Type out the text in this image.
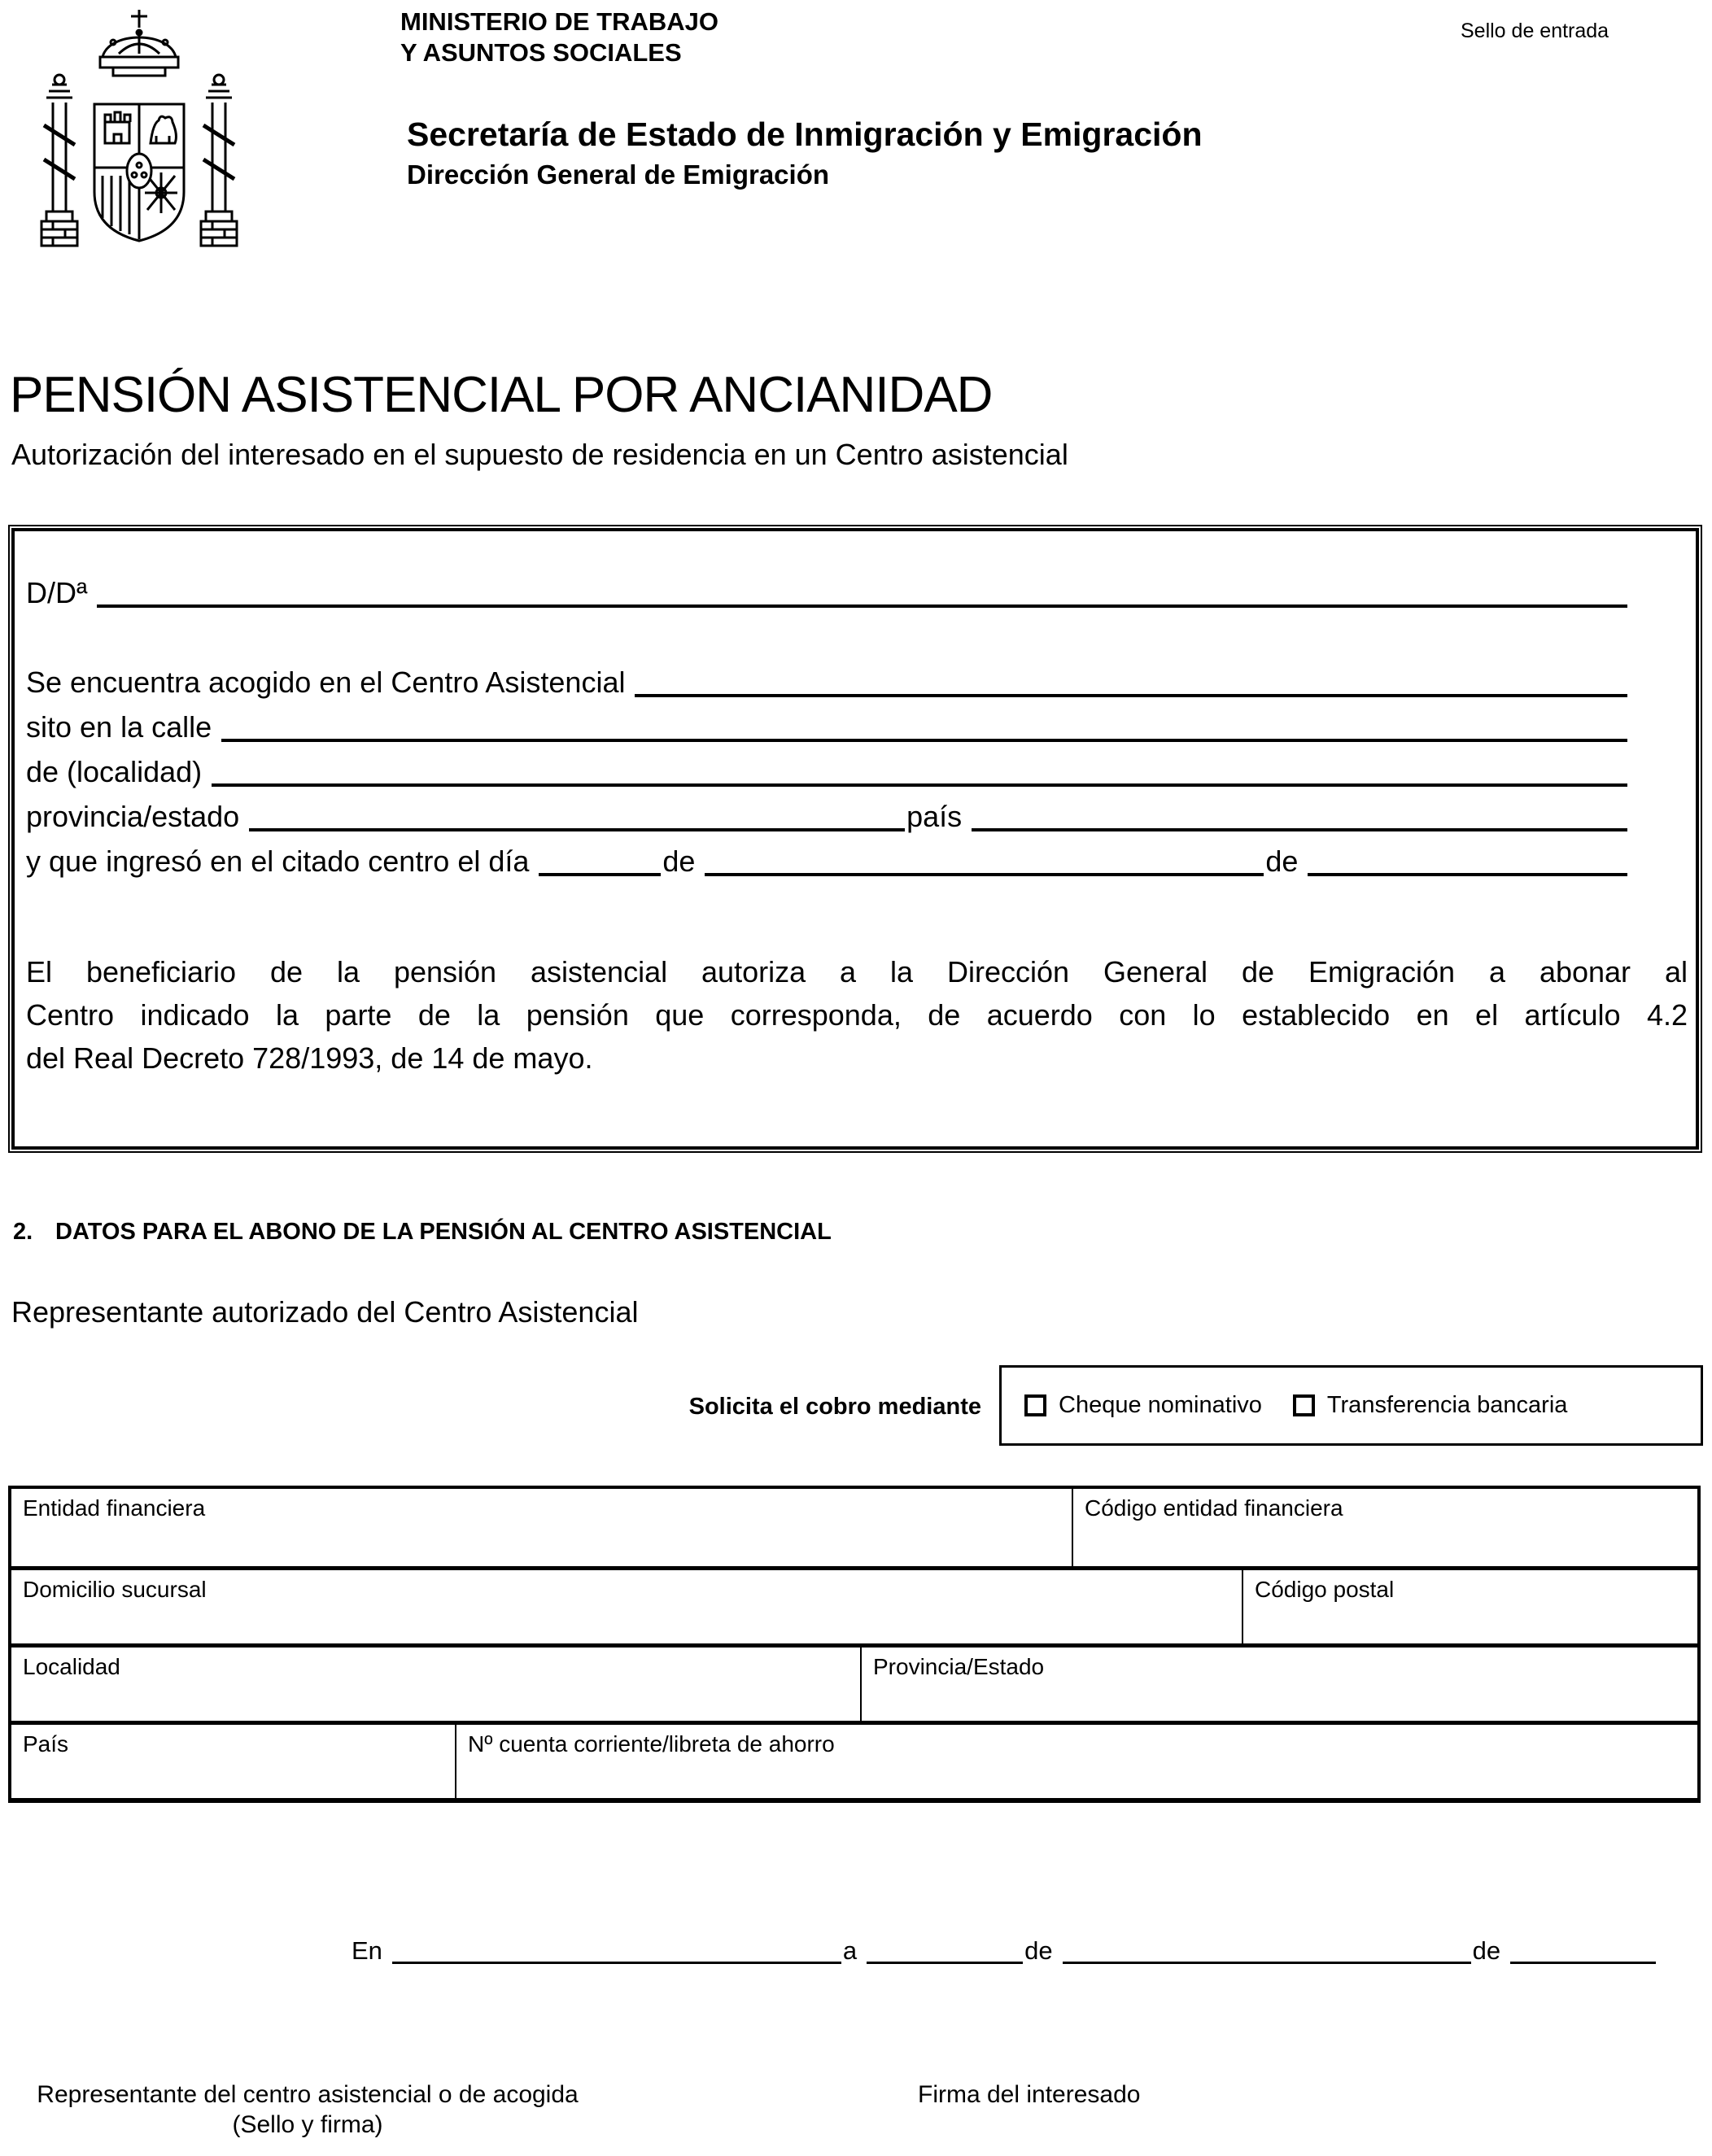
MINISTERIO DE TRABAJO
Y ASUNTOS SOCIALES
Secretaría de Estado de Inmigración y Emigración
Dirección General de Emigración
Sello de entrada
PENSIÓN ASISTENCIAL POR ANCIANIDAD
Autorización del interesado en el supuesto de residencia en un Centro asistencial
D/Dª
Se encuentra acogido en el Centro Asistencial
sito en la calle
de (localidad)
provincia/estado	país
y que ingresó en el citado centro el día	de	de
El beneficiario de la pensión asistencial autoriza a la Dirección General de Emigración a abonar al
Centro indicado la parte de la pensión que corresponda, de acuerdo con lo establecido en el artículo 4.2
del Real Decreto 728/1993, de 14 de mayo.
2. DATOS PARA EL ABONO DE LA PENSIÓN AL CENTRO ASISTENCIAL
Representante autorizado del Centro Asistencial
Solicita el cobro mediante	Cheque nominativo	Transferencia bancaria
Entidad financiera	Código entidad financiera
Domicilio sucursal	Código postal
Localidad	Provincia/Estado
País	Nº cuenta corriente/libreta de ahorro
En	a	de	de
Representante del centro asistencial o de acogida
(Sello y firma)
Firma del interesado
